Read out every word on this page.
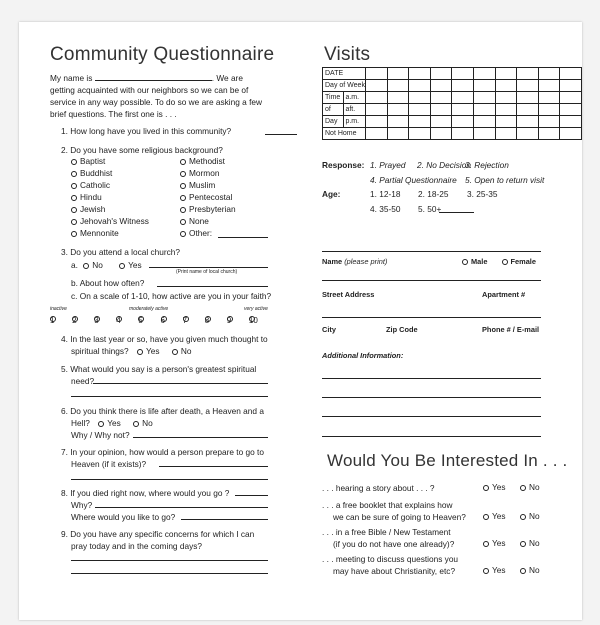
Community Questionnaire
My name is	. We are
getting acquainted with our neighbors so we can be of
service in any way possible. To do so we are asking a few
brief questions. The first one is . . .
1. How long have you lived in this community?
2. Do you have some religious background?
3. Do you attend a local church?
a. No	Yes
(Print name of local church)
b. About how often?
c. On a scale of 1-10, how active are you in your faith?
inactive	moderately active	very active
1 2 3 4 5 6 7 8 9 10
4. In the last year or so, have you given much thought to
spiritual things? Yes	No
5. What would you say is a person's greatest spiritual
need?
6. Do you think there is life after death, a Heaven and a
Hell? Yes	No
Why / Why not?
7. In your opinion, how would a person prepare to go to
Heaven (if it exists)?
8. If you died right now, where would you go ?
Why?
Where would you like to go?
9. Do you have any specific concerns for which I can
pray today and in the coming days?
Visits
DATE											
Day of Week											
Time	a.m.										
of	aft.										
Day	p.m.										
Not Home											
Response: 1. Prayed 2. No Decision
3. Rejection
4. Partial Questionnaire 5. Open to return visit
Age:	1. 12-18 2. 18-25 3. 25-35
4. 35-50 5. 50+
Name (please print)	Male	Female
Street Address	Apartment #
City	Zip Code	Phone # / E-mail
Additional Information:
Would You Be Interested In . . .
Baptist
Buddhist
Catholic
Hindu
Jewish
Jehovah's Witness
Mennonite
Methodist
Mormon
Muslim
Pentecostal
Presbyterian
None
Other:
. . . hearing a story about . . . ?	Yes	No
. . . a free booklet that explains how
we can be sure of going to Heaven?	Yes	No
. . . in a free Bible / New Testament
(if you do not have one already)?	Yes	No
. . . meeting to discuss questions you
may have about Christianity, etc?	Yes	No
